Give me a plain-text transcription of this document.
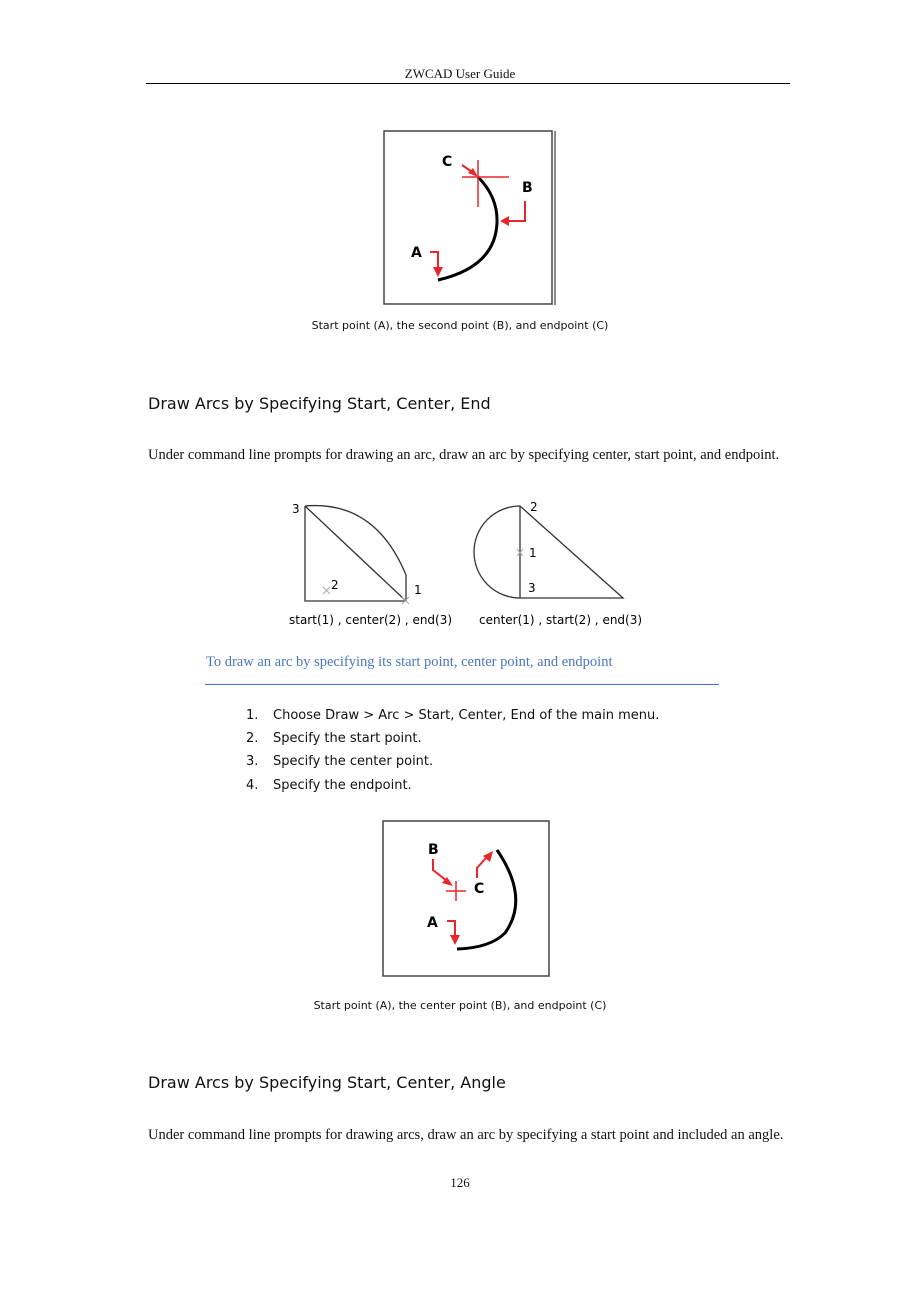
ZWCAD User Guide
C
B
A
Start point (A), the second point (B), and endpoint (C)
Draw Arcs by Specifying Start, Center, End
Under command line prompts for drawing an arc, draw an arc by specifying center, start point, and endpoint.
3
2	1
start(1) , center(2) , end(3)
2
1
3
center(1) , start(2) , end(3)
To draw an arc by specifying its start point, center point, and endpoint
1. Choose Draw > Arc > Start, Center, End of the main menu.
2. Specify the start point.
3. Specify the center point.
4. Specify the endpoint.
B
C
A
Start point (A), the center point (B), and endpoint (C)
Draw Arcs by Specifying Start, Center, Angle
Under command line prompts for drawing arcs, draw an arc by specifying a start point and included an angle.
126
